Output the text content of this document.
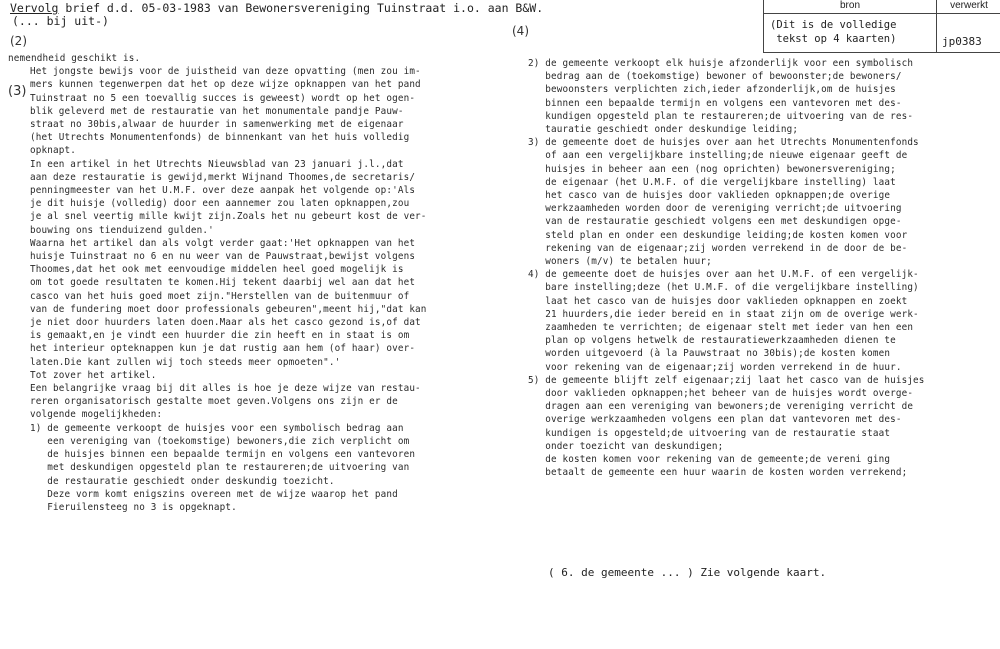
Vervolg brief d.d. 05-03-1983 van Bewonersvereniging Tuinstraat i.o. aan B&W.
(... bij uit-)
bron	verwerkt
(Dit is de volledige
tekst op 4 kaarten)	jp0383
(2)
(4)
(3)
nemendheid geschikt is.
Het jongste bewijs voor de juistheid van deze opvatting (men zou im-
mers kunnen tegenwerpen dat het op deze wijze opknappen van het pand
Tuinstraat no 5 een toevallig succes is geweest) wordt op het ogen-
blik geleverd met de restauratie van het monumentale pandje Pauw-
straat no 30bis,alwaar de huurder in samenwerking met de eigenaar
(het Utrechts Monumentenfonds) de binnenkant van het huis volledig
opknapt.
In een artikel in het Utrechts Nieuwsblad van 23 januari j.l.,dat
aan deze restauratie is gewijd,merkt Wijnand Thoomes,de secretaris/
penningmeester van het U.M.F. over deze aanpak het volgende op:'Als
je dit huisje (volledig) door een aannemer zou laten opknappen,zou
je al snel veertig mille kwijt zijn.Zoals het nu gebeurt kost de ver-
bouwing ons tienduizend gulden.'
Waarna het artikel dan als volgt verder gaat:'Het opknappen van het
huisje Tuinstraat no 6 en nu weer van de Pauwstraat,bewijst volgens
Thoomes,dat het ook met eenvoudige middelen heel goed mogelijk is
om tot goede resultaten te komen.Hij tekent daarbij wel aan dat het
casco van het huis goed moet zijn."Herstellen van de buitenmuur of
van de fundering moet door professionals gebeuren",meent hij,"dat kan
je niet door huurders laten doen.Maar als het casco gezond is,of dat
is gemaakt,en je vindt een huurder die zin heeft en in staat is om
het interieur opteknappen kun je dat rustig aan hem (of haar) over-
laten.Die kant zullen wij toch steeds meer opmoeten".'
Tot zover het artikel.
Een belangrijke vraag bij dit alles is hoe je deze wijze van restau-
reren organisatorisch gestalte moet geven.Volgens ons zijn er de
volgende mogelijkheden:
1) de gemeente verkoopt de huisjes voor een symbolisch bedrag aan
een vereniging van (toekomstige) bewoners,die zich verplicht om
de huisjes binnen een bepaalde termijn en volgens een vantevoren
met deskundigen opgesteld plan te restaureren;de uitvoering van
de restauratie geschiedt onder deskundig toezicht.
Deze vorm komt enigszins overeen met de wijze waarop het pand
Fieruilensteeg no 3 is opgeknapt.
2) de gemeente verkoopt elk huisje afzonderlijk voor een symbolisch
bedrag aan de (toekomstige) bewoner of bewoonster;de bewoners/
bewoonsters verplichten zich,ieder afzonderlijk,om de huisjes
binnen een bepaalde termijn en volgens een vantevoren met des-
kundigen opgesteld plan te restaureren;de uitvoering van de res-
tauratie geschiedt onder deskundige leiding;
3) de gemeente doet de huisjes over aan het Utrechts Monumentenfonds
of aan een vergelijkbare instelling;de nieuwe eigenaar geeft de
huisjes in beheer aan een (nog oprichten) bewonersvereniging;
de eigenaar (het U.M.F. of die vergelijkbare instelling) laat
het casco van de huisjes door vaklieden opknappen;de overige
werkzaamheden worden door de vereniging verricht;de uitvoering
van de restauratie geschiedt volgens een met deskundigen opge-
steld plan en onder een deskundige leiding;de kosten komen voor
rekening van de eigenaar;zij worden verrekend in de door de be-
woners (m/v) te betalen huur;
4) de gemeente doet de huisjes over aan het U.M.F. of een vergelijk-
bare instelling;deze (het U.M.F. of die vergelijkbare instelling)
laat het casco van de huisjes door vaklieden opknappen en zoekt
21 huurders,die ieder bereid en in staat zijn om de overige werk-
zaamheden te verrichten; de eigenaar stelt met ieder van hen een
plan op volgens hetwelk de restauratiewerkzaamheden dienen te
worden uitgevoerd (à la Pauwstraat no 30bis);de kosten komen
voor rekening van de eigenaar;zij worden verrekend in de huur.
5) de gemeente blijft zelf eigenaar;zij laat het casco van de huisjes
door vaklieden opknappen;het beheer van de huisjes wordt overge-
dragen aan een vereniging van bewoners;de vereniging verricht de
overige werkzaamheden volgens een plan dat vantevoren met des-
kundigen is opgesteld;de uitvoering van de restauratie staat
onder toezicht van deskundigen;
de kosten komen voor rekening van de gemeente;de vereni ging
betaalt de gemeente een huur waarin de kosten worden verrekend;
( 6. de gemeente ... ) Zie volgende kaart.
